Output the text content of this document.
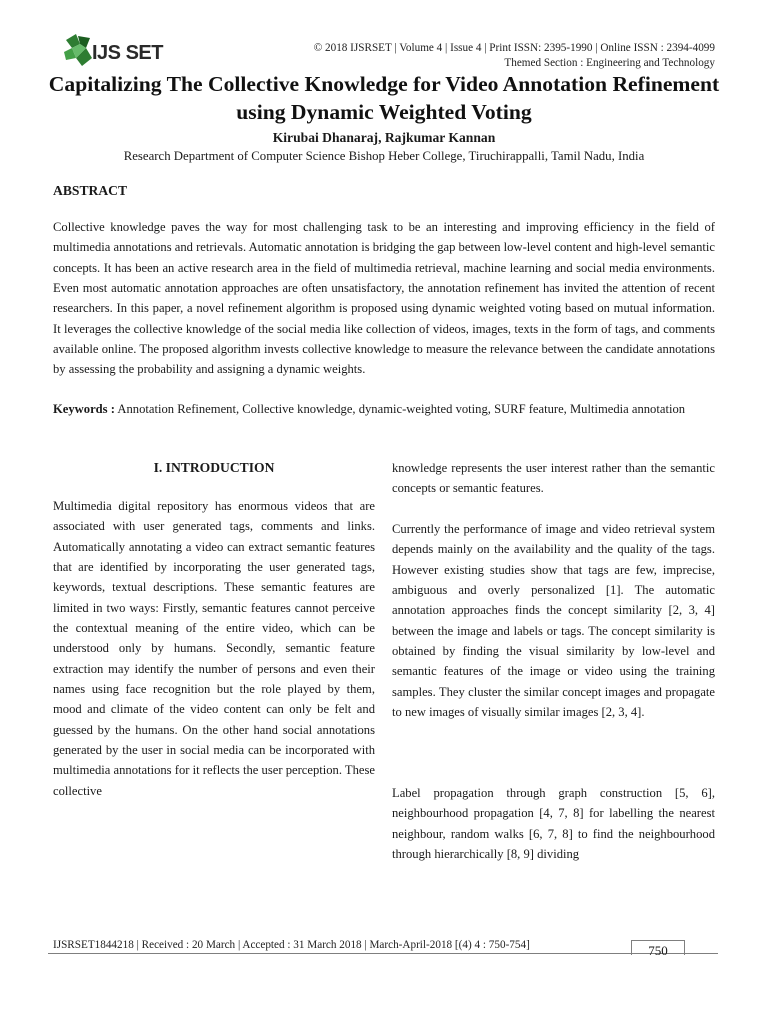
IJS SET	© 2018 IJSRSET | Volume 4 | Issue 4 | Print ISSN: 2395-1990 | Online ISSN : 2394-4099
Themed Section : Engineering and Technology
Capitalizing The Collective Knowledge for Video Annotation Refinement using Dynamic Weighted Voting
Kirubai Dhanaraj, Rajkumar Kannan
Research Department of Computer Science Bishop Heber College, Tiruchirappalli, Tamil Nadu, India
ABSTRACT

Collective knowledge paves the way for most challenging task to be an interesting and improving efficiency in the field of multimedia annotations and retrievals. Automatic annotation is bridging the gap between low-level content and high-level semantic concepts. It has been an active research area in the field of multimedia retrieval, machine learning and social media environments. Even most automatic annotation approaches are often unsatisfactory, the annotation refinement has invited the attention of recent researchers. In this paper, a novel refinement algorithm is proposed using dynamic weighted voting based on mutual information. It leverages the collective knowledge of the social media like collection of videos, images, texts in the form of tags, and comments available online. The proposed algorithm invests collective knowledge to measure the relevance between the candidate annotations by assessing the probability and assigning a dynamic weights.

Keywords : Annotation Refinement, Collective knowledge, dynamic-weighted voting, SURF feature, Multimedia annotation

I. INTRODUCTION

Multimedia digital repository has enormous videos that are associated with user generated tags, comments and links. Automatically annotating a video can extract semantic features that are identified by incorporating the user generated tags, keywords, textual descriptions. These semantic features are limited in two ways: Firstly, semantic features cannot perceive the contextual meaning of the entire video, which can be understood only by humans. Secondly, semantic feature extraction may identify the number of persons and even their names using face recognition but the role played by them, mood and climate of the video content can only be felt and guessed by the humans. On the other hand social annotations generated by the user in social media can be incorporated with multimedia annotations for it reflects the user perception. These collective

knowledge represents the user interest rather than the semantic concepts or semantic features.

Currently the performance of image and video retrieval system depends mainly on the availability and the quality of the tags. However existing studies show that tags are few, imprecise, ambiguous and overly personalized [1]. The automatic annotation approaches finds the concept similarity [2, 3, 4] between the image and labels or tags. The concept similarity is obtained by finding the visual similarity by low-level and semantic features of the image or video using the training samples. They cluster the similar concept images and propagate to new images of visually similar images [2, 3, 4].

Label propagation through graph construction [5, 6], neighbourhood propagation [4, 7, 8] for labelling the nearest neighbour, random walks [6, 7, 8] to find the neighbourhood through hierarchically [8, 9] dividing

IJSRSET1844218 | Received : 20 March | Accepted : 31 March 2018 | March-April-2018 [(4) 4 : 750-754]	750
